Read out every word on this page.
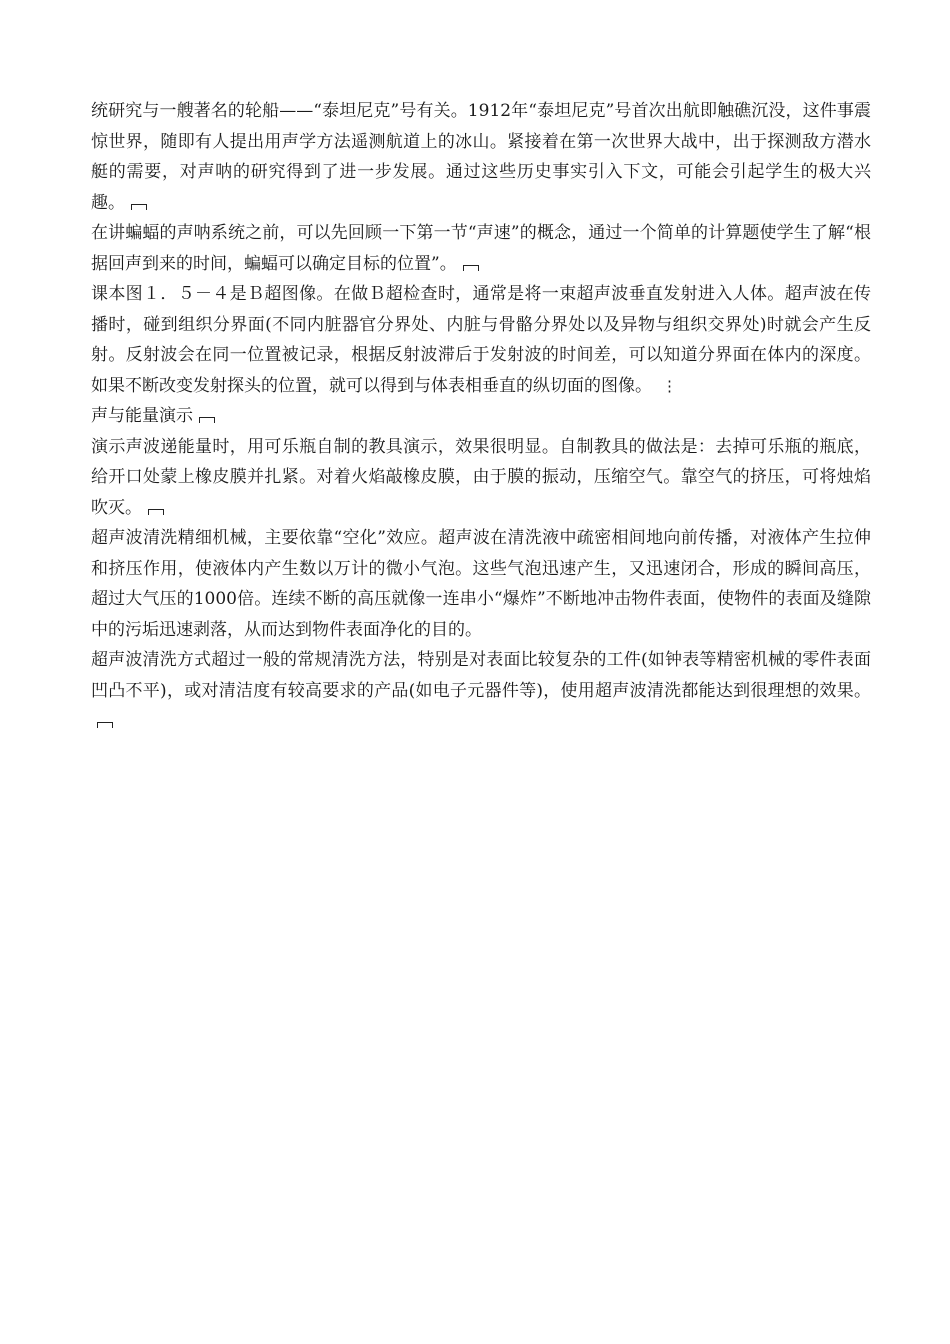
统研究与一艘著名的轮船——“泰坦尼克”号有关。1912年“泰坦尼克”号首次出航即触礁沉没，这件事震惊世界，随即有人提出用声学方法遥测航道上的冰山。紧接着在第一次世界大战中，出于探测敌方潜水艇的需要，对声呐的研究得到了进一步发展。通过这些历史事实引入下文，可能会引起学生的极大兴趣。

在讲蝙蝠的声呐系统之前，可以先回顾一下第一节“声速”的概念，通过一个简单的计算题使学生了解“根据回声到来的时间，蝙蝠可以确定目标的位置”。

课本图１．５－４是Ｂ超图像。在做Ｂ超检查时，通常是将一束超声波垂直发射进入人体。超声波在传播时，碰到组织分界面(不同内脏器官分界处、内脏与骨骼分界处以及异物与组织交界处)时就会产生反射。反射波会在同一位置被记录，根据反射波滞后于发射波的时间差，可以知道分界面在体内的深度。如果不断改变发射探头的位置，就可以得到与体表相垂直的纵切面的图像。 ⋮

声与能量演示

演示声波递能量时，用可乐瓶自制的教具演示，效果很明显。自制教具的做法是：去掉可乐瓶的瓶底，给开口处蒙上橡皮膜并扎紧。对着火焰敲橡皮膜，由于膜的振动，压缩空气。靠空气的挤压，可将烛焰吹灭。

超声波清洗精细机械，主要依靠“空化”效应。超声波在清洗液中疏密相间地向前传播，对液体产生拉伸和挤压作用，使液体内产生数以万计的微小气泡。这些气泡迅速产生，又迅速闭合，形成的瞬间高压，超过大气压的1000倍。连续不断的高压就像一连串小“爆炸”不断地冲击物件表面，使物件的表面及缝隙中的污垢迅速剥落，从而达到物件表面净化的目的。

超声波清洗方式超过一般的常规清洗方法，特别是对表面比较复杂的工件(如钟表等精密机械的零件表面凹凸不平)，或对清洁度有较高要求的产品(如电子元器件等)，使用超声波清洗都能达到很理想的效果。
